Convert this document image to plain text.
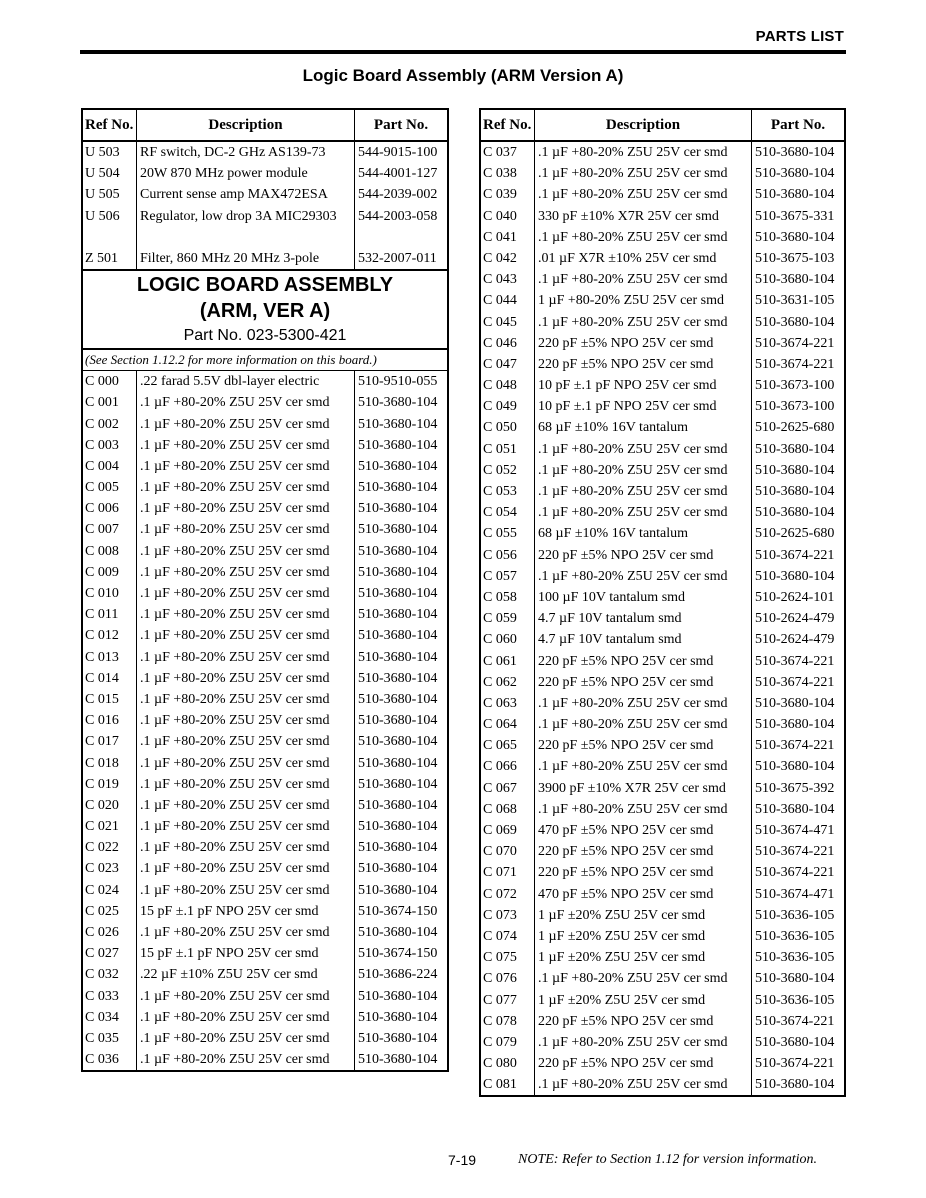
PARTS LIST
Logic Board Assembly (ARM Version A)
Ref No.	Description	Part No.
U 503	RF switch, DC-2 GHz AS139-73	544-9015-100
U 504	20W 870 MHz power module	544-4001-127
U 505	Current sense amp MAX472ESA	544-2039-002
U 506	Regulator, low drop 3A MIC29303	544-2003-058
Z 501	Filter, 860 MHz 20 MHz 3-pole	532-2007-011
LOGIC BOARD ASSEMBLY
(ARM, VER A)
Part No. 023-5300-421
(See Section 1.12.2 for more information on this board.)
C 000	.22 farad 5.5V dbl-layer electric	510-9510-055
C 001	.1 µF +80-20% Z5U 25V cer smd	510-3680-104
C 002	.1 µF +80-20% Z5U 25V cer smd	510-3680-104
C 003	.1 µF +80-20% Z5U 25V cer smd	510-3680-104
C 004	.1 µF +80-20% Z5U 25V cer smd	510-3680-104
C 005	.1 µF +80-20% Z5U 25V cer smd	510-3680-104
C 006	.1 µF +80-20% Z5U 25V cer smd	510-3680-104
C 007	.1 µF +80-20% Z5U 25V cer smd	510-3680-104
C 008	.1 µF +80-20% Z5U 25V cer smd	510-3680-104
C 009	.1 µF +80-20% Z5U 25V cer smd	510-3680-104
C 010	.1 µF +80-20% Z5U 25V cer smd	510-3680-104
C 011	.1 µF +80-20% Z5U 25V cer smd	510-3680-104
C 012	.1 µF +80-20% Z5U 25V cer smd	510-3680-104
C 013	.1 µF +80-20% Z5U 25V cer smd	510-3680-104
C 014	.1 µF +80-20% Z5U 25V cer smd	510-3680-104
C 015	.1 µF +80-20% Z5U 25V cer smd	510-3680-104
C 016	.1 µF +80-20% Z5U 25V cer smd	510-3680-104
C 017	.1 µF +80-20% Z5U 25V cer smd	510-3680-104
C 018	.1 µF +80-20% Z5U 25V cer smd	510-3680-104
C 019	.1 µF +80-20% Z5U 25V cer smd	510-3680-104
C 020	.1 µF +80-20% Z5U 25V cer smd	510-3680-104
C 021	.1 µF +80-20% Z5U 25V cer smd	510-3680-104
C 022	.1 µF +80-20% Z5U 25V cer smd	510-3680-104
C 023	.1 µF +80-20% Z5U 25V cer smd	510-3680-104
C 024	.1 µF +80-20% Z5U 25V cer smd	510-3680-104
C 025	15 pF ±.1 pF NPO 25V cer smd	510-3674-150
C 026	.1 µF +80-20% Z5U 25V cer smd	510-3680-104
C 027	15 pF ±.1 pF NPO 25V cer smd	510-3674-150
C 032	.22 µF ±10% Z5U 25V cer smd	510-3686-224
C 033	.1 µF +80-20% Z5U 25V cer smd	510-3680-104
C 034	.1 µF +80-20% Z5U 25V cer smd	510-3680-104
C 035	.1 µF +80-20% Z5U 25V cer smd	510-3680-104
C 036	.1 µF +80-20% Z5U 25V cer smd	510-3680-104
Ref No.	Description	Part No.
C 037	.1 µF +80-20% Z5U 25V cer smd	510-3680-104
C 038	.1 µF +80-20% Z5U 25V cer smd	510-3680-104
C 039	.1 µF +80-20% Z5U 25V cer smd	510-3680-104
C 040	330 pF ±10% X7R 25V cer smd	510-3675-331
C 041	.1 µF +80-20% Z5U 25V cer smd	510-3680-104
C 042	.01 µF X7R ±10% 25V cer smd	510-3675-103
C 043	.1 µF +80-20% Z5U 25V cer smd	510-3680-104
C 044	1 µF +80-20% Z5U 25V cer smd	510-3631-105
C 045	.1 µF +80-20% Z5U 25V cer smd	510-3680-104
C 046	220 pF ±5% NPO 25V cer smd	510-3674-221
C 047	220 pF ±5% NPO 25V cer smd	510-3674-221
C 048	10 pF ±.1 pF NPO 25V cer smd	510-3673-100
C 049	10 pF ±.1 pF NPO 25V cer smd	510-3673-100
C 050	68 µF ±10% 16V tantalum	510-2625-680
C 051	.1 µF +80-20% Z5U 25V cer smd	510-3680-104
C 052	.1 µF +80-20% Z5U 25V cer smd	510-3680-104
C 053	.1 µF +80-20% Z5U 25V cer smd	510-3680-104
C 054	.1 µF +80-20% Z5U 25V cer smd	510-3680-104
C 055	68 µF ±10% 16V tantalum	510-2625-680
C 056	220 pF ±5% NPO 25V cer smd	510-3674-221
C 057	.1 µF +80-20% Z5U 25V cer smd	510-3680-104
C 058	100 µF 10V tantalum smd	510-2624-101
C 059	4.7 µF 10V tantalum smd	510-2624-479
C 060	4.7 µF 10V tantalum smd	510-2624-479
C 061	220 pF ±5% NPO 25V cer smd	510-3674-221
C 062	220 pF ±5% NPO 25V cer smd	510-3674-221
C 063	.1 µF +80-20% Z5U 25V cer smd	510-3680-104
C 064	.1 µF +80-20% Z5U 25V cer smd	510-3680-104
C 065	220 pF ±5% NPO 25V cer smd	510-3674-221
C 066	.1 µF +80-20% Z5U 25V cer smd	510-3680-104
C 067	3900 pF ±10% X7R 25V cer smd	510-3675-392
C 068	.1 µF +80-20% Z5U 25V cer smd	510-3680-104
C 069	470 pF ±5% NPO 25V cer smd	510-3674-471
C 070	220 pF ±5% NPO 25V cer smd	510-3674-221
C 071	220 pF ±5% NPO 25V cer smd	510-3674-221
C 072	470 pF ±5% NPO 25V cer smd	510-3674-471
C 073	1 µF ±20% Z5U 25V cer smd	510-3636-105
C 074	1 µF ±20% Z5U 25V cer smd	510-3636-105
C 075	1 µF ±20% Z5U 25V cer smd	510-3636-105
C 076	.1 µF +80-20% Z5U 25V cer smd	510-3680-104
C 077	1 µF ±20% Z5U 25V cer smd	510-3636-105
C 078	220 pF ±5% NPO 25V cer smd	510-3674-221
C 079	.1 µF +80-20% Z5U 25V cer smd	510-3680-104
C 080	220 pF ±5% NPO 25V cer smd	510-3674-221
C 081	.1 µF +80-20% Z5U 25V cer smd	510-3680-104
7-19	NOTE: Refer to Section 1.12 for version information.
